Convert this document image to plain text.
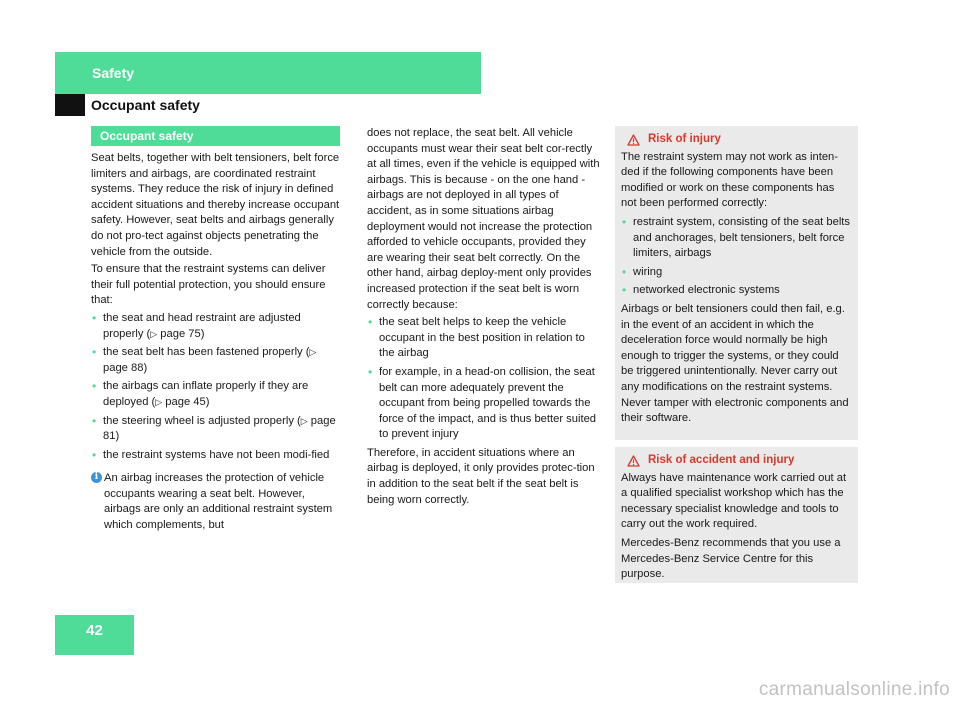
Safety
Occupant safety
Occupant safety

Seat belts, together with belt tensioners, belt force limiters and airbags, are coordinated restraint systems. They reduce the risk of injury in defined accident situations and thereby increase occupant safety. However, seat belts and airbags generally do not pro-tect against objects penetrating the vehicle from the outside.

To ensure that the restraint systems can deliver their full potential protection, you should ensure that:

• the seat and head restraint are adjusted properly (▷ page 75)
• the seat belt has been fastened properly (▷ page 88)
• the airbags can inflate properly if they are deployed (▷ page 45)
• the steering wheel is adjusted properly (▷ page 81)
• the restraint systems have not been modi-fied
i An airbag increases the protection of vehicle occupants wearing a seat belt. However, airbags are only an additional restraint system which complements, but

does not replace, the seat belt. All vehicle occupants must wear their seat belt cor-rectly at all times, even if the vehicle is equipped with airbags. This is because - on the one hand - airbags are not deployed in all types of accident, as in some situations airbag deployment would not increase the protection afforded to vehicle occupants, provided they are wearing their seat belt correctly. On the other hand, airbag deploy-ment only provides increased protection if the seat belt is worn correctly because:

• the seat belt helps to keep the vehicle occupant in the best position in relation to the airbag
• for example, in a head-on collision, the seat belt can more adequately prevent the occupant from being propelled towards the force of the impact, and is thus better suited to prevent injury

Therefore, in accident situations where an airbag is deployed, it only provides protec-tion in addition to the seat belt if the seat belt is being worn correctly.

Risk of injury

The restraint system may not work as inten-ded if the following components have been modified or work on these components has not been performed correctly:

• restraint system, consisting of the seat belts and anchorages, belt tensioners, belt force limiters, airbags
• wiring
• networked electronic systems

Airbags or belt tensioners could then fail, e.g. in the event of an accident in which the deceleration force would normally be high enough to trigger the systems, or they could be triggered unintentionally. Never carry out any modifications on the restraint systems. Never tamper with electronic components and their software.

Risk of accident and injury

Always have maintenance work carried out at a qualified specialist workshop which has the necessary specialist knowledge and tools to carry out the work required.

Mercedes-Benz recommends that you use a Mercedes-Benz Service Centre for this purpose.

42
carmanualsonline.info
